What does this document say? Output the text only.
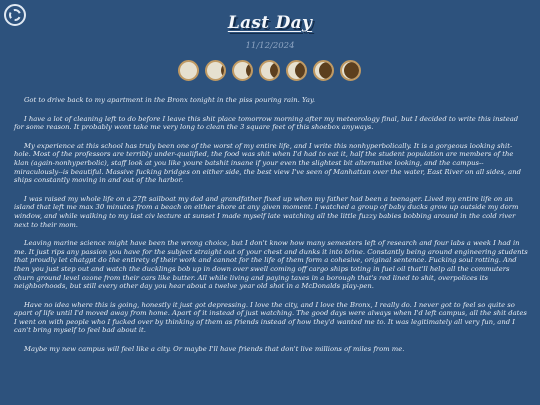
Last Day
11/12/2024

Got to drive back to my apartment in the Bronx tonight in the piss pouring rain. Yay.

I have a lot of cleaning left to do before I leave this shit place tomorrow morning after my meteorology final, but I decided to write this instead for some reason. It probably wont take me very long to clean the 3 square feet of this shoebox anyways.

My experience at this school has truly been one of the worst of my entire life, and I write this nonhyperbolically. It is a gorgeous looking shit-hole. Most of the professors are terribly under-qualified, the food was shit when I'd had to eat it, half the student population are members of the klan (again-nonhyperbolic), staff look at you like youre batshit insane if your even the slightest bit alternative looking, and the campus--miraculously--is beautiful. Massive fucking bridges on either side, the best view I've seen of Manhattan over the water, East River on all sides, and ships constantly moving in and out of the harbor.

I was raised my whole life on a 27ft sailboat my dad and grandfather fixed up when my father had been a teenager. Lived my entire life on an island that left me max 30 minutes from a beach on either shore at any given moment. I watched a group of baby ducks grow up outside my dorm window, and while walking to my last civ lecture at sunset I made myself late watching all the little fuzzy babies bobbing around in the cold river next to their mom.

Leaving marine science might have been the wrong choice, but I don't know how many semesters left of research and four labs a week I had in me. It just rips any passion you have for the subject straight out of your chest and dunks it into brine. Constantly being around engineering students that proudly let chatgpt do the entirety of their work and cannot for the life of them form a cohesive, original sentence. Fucking soul rotting. And then you just step out and watch the ducklings bob up in down over swell coming off cargo ships toting in fuel oil that'll help all the commuters churn ground level ozone from their cars like butter. All while living and paying taxes in a borough that's red lined to shit, overpolices its neighborhoods, but still every other day you hear about a twelve year old shot in a McDonalds play-pen.

Have no idea where this is going, honestly it just got depressing. I love the city, and I love the Bronx, I really do. I never got to feel so quite so apart of life until I'd moved away from home. Apart of it instead of just watching. The good days were always when I'd left campus, all the shit dates I went on with people who I fucked over by thinking of them as friends instead of how they'd wanted me to. It was legitimately all very fun, and I can't bring myself to feel bad about it.

Maybe my new campus will feel like a city. Or maybe I'll have friends that don't live millions of miles from me.
